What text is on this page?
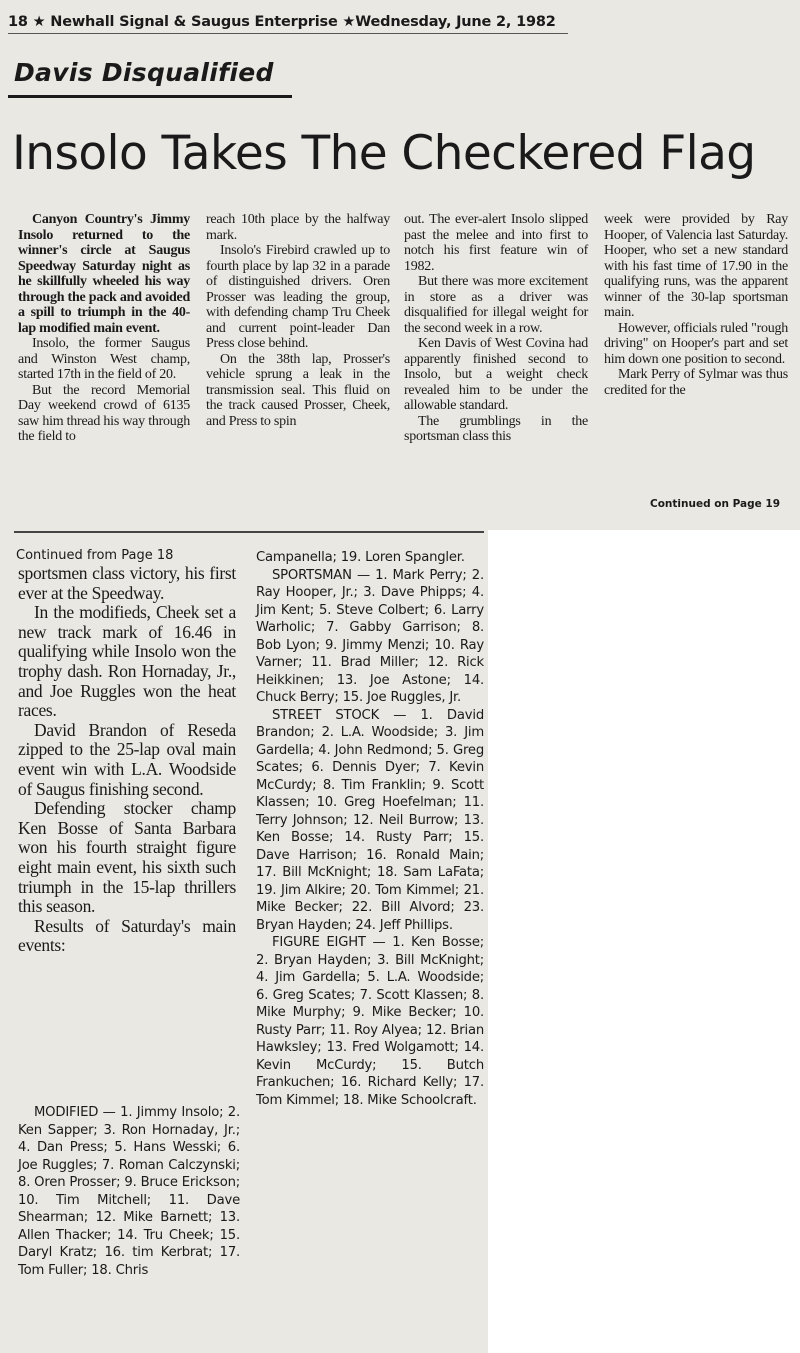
18 ★ Newhall Signal & Saugus Enterprise ★Wednesday, June 2, 1982
Davis Disqualified
Insolo Takes The Checkered Flag

Canyon Country's Jimmy Insolo returned to the winner's circle at Saugus Speedway Saturday night as he skillfully wheeled his way through the pack and avoided a spill to triumph in the 40-lap modified main event.

Insolo, the former Saugus and Winston West champ, started 17th in the field of 20.

But the record Memorial Day weekend crowd of 6135 saw him thread his way through the field to

reach 10th place by the halfway mark.

Insolo's Firebird crawled up to fourth place by lap 32 in a parade of distinguished drivers. Oren Prosser was leading the group, with defending champ Tru Cheek and current point-leader Dan Press close behind.

On the 38th lap, Prosser's vehicle sprung a leak in the transmission seal. This fluid on the track caused Prosser, Cheek, and Press to spin

out. The ever-alert Insolo slipped past the melee and into first to notch his first feature win of 1982.

But there was more excitement in store as a driver was disqualified for illegal weight for the second week in a row.

Ken Davis of West Covina had apparently finished second to Insolo, but a weight check revealed him to be under the allowable standard.

The grumblings in the sportsman class this

week were provided by Ray Hooper, of Valencia last Saturday. Hooper, who set a new standard with his fast time of 17.90 in the qualifying runs, was the apparent winner of the 30-lap sportsman main.

However, officials ruled "rough driving" on Hooper's part and set him down one position to second.

Mark Perry of Sylmar was thus credited for the

Continued on Page 19
Continued from Page 18

sportsmen class victory, his first ever at the Speedway.

In the modifieds, Cheek set a new track mark of 16.46 in qualifying while Insolo won the trophy dash. Ron Hornaday, Jr., and Joe Ruggles won the heat races.

David Brandon of Reseda zipped to the 25-lap oval main event win with L.A. Woodside of Saugus finishing second.

Defending stocker champ Ken Bosse of Santa Barbara won his fourth straight figure eight main event, his sixth such triumph in the 15-lap thrillers this season.

Results of Saturday's main events:

MODIFIED — 1. Jimmy Insolo; 2. Ken Sapper; 3. Ron Hornaday, Jr.; 4. Dan Press; 5. Hans Wesski; 6. Joe Ruggles; 7. Roman Calczynski; 8. Oren Prosser; 9. Bruce Erickson; 10. Tim Mitchell; 11. Dave Shearman; 12. Mike Barnett; 13. Allen Thacker; 14. Tru Cheek; 15. Daryl Kratz; 16. tim Kerbrat; 17. Tom Fuller; 18. Chris

Campanella; 19. Loren Spangler.

SPORTSMAN — 1. Mark Perry; 2. Ray Hooper, Jr.; 3. Dave Phipps; 4. Jim Kent; 5. Steve Colbert; 6. Larry Warholic; 7. Gabby Garrison; 8. Bob Lyon; 9. Jimmy Menzi; 10. Ray Varner; 11. Brad Miller; 12. Rick Heikkinen; 13. Joe Astone; 14. Chuck Berry; 15. Joe Ruggles, Jr.

STREET STOCK — 1. David Brandon; 2. L.A. Woodside; 3. Jim Gardella; 4. John Redmond; 5. Greg Scates; 6. Dennis Dyer; 7. Kevin McCurdy; 8. Tim Franklin; 9. Scott Klassen; 10. Greg Hoefelman; 11. Terry Johnson; 12. Neil Burrow; 13. Ken Bosse; 14. Rusty Parr; 15. Dave Harrison; 16. Ronald Main; 17. Bill McKnight; 18. Sam LaFata; 19. Jim Alkire; 20. Tom Kimmel; 21. Mike Becker; 22. Bill Alvord; 23. Bryan Hayden; 24. Jeff Phillips.

FIGURE EIGHT — 1. Ken Bosse; 2. Bryan Hayden; 3. Bill McKnight; 4. Jim Gardella; 5. L.A. Woodside; 6. Greg Scates; 7. Scott Klassen; 8. Mike Murphy; 9. Mike Becker; 10. Rusty Parr; 11. Roy Alyea; 12. Brian Hawksley; 13. Fred Wolgamott; 14. Kevin McCurdy; 15. Butch Frankuchen; 16. Richard Kelly; 17. Tom Kimmel; 18. Mike Schoolcraft.
